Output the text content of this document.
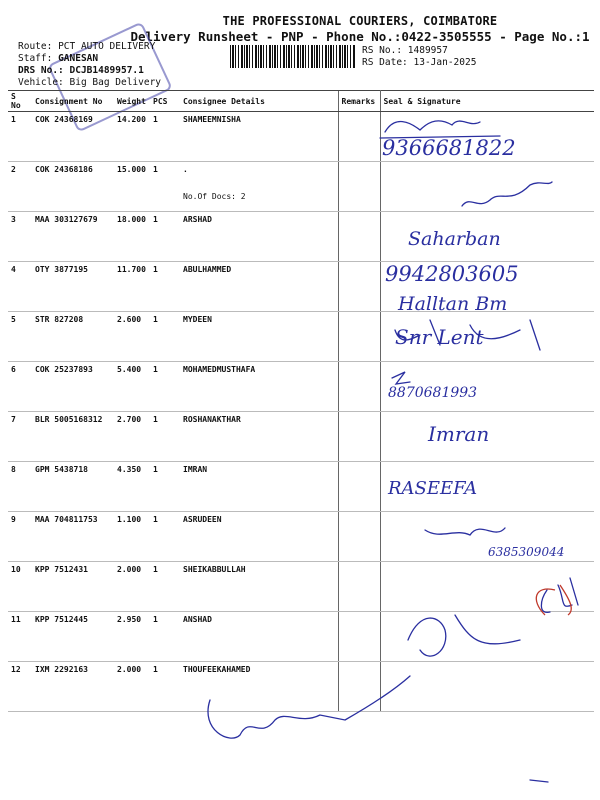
THE PROFESSIONAL COURIERS, COIMBATORE
Delivery Runsheet - PNP - Phone No.:0422-3505555 - Page No.:1
Route: PCT AUTO DELIVERY
Staff: GANESAN
DRS No.: DCJB1489957.1
Vehicle: Big Bag Delivery
RS No.: 1489957
RS Date: 13-Jan-2025
S No	Consignment No	Weight	PCS	Consignee Details	Remarks	Seal & Signature
1	COK 24368169	14.200	1	SHAMEEMNISHA		
2	COK 24368186	15.000	1	.
No.Of Docs: 2		

3	MAA 303127679	18.000	1	ARSHAD		
4	OTY 3877195	11.700	1	ABULHAMMED		
5	STR 827208	2.600	1	MYDEEN		
6	COK 25237893	5.400	1	MOHAMEDMUSTHAFA		
7	BLR 5005168312	2.700	1	ROSHANAKTHAR		
8	GPM 5438718	4.350	1	IMRAN		
9	MAA 704811753	1.100	1	ASRUDEEN		
10	KPP 7512431	2.000	1	SHEIKABBULLAH		
11	KPP 7512445	2.950	1	ANSHAD		
12	IXM 2292163	2.000	1	THOUFEEKAHAMED		
9366681822
Saharban
9942803605
Halltan Bm
Snr Lent
8870681993
Imran
RASEEFA
6385309044
